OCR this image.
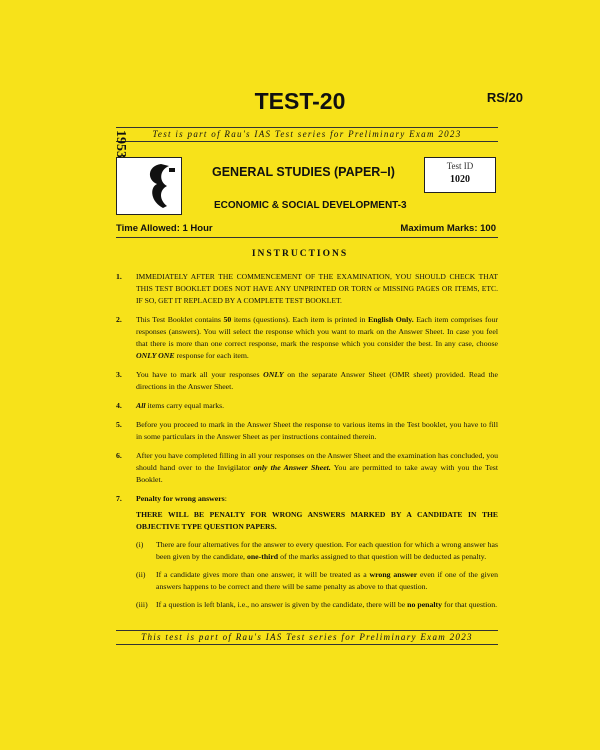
TEST-20	RS/20
Test is part of Rau's IAS Test series for Preliminary Exam 2023
1953
GENERAL STUDIES (PAPER–I)
ECONOMIC & SOCIAL DEVELOPMENT-3
Test ID
1020
Time Allowed: 1 Hour	Maximum Marks: 100
INSTRUCTIONS
1.	IMMEDIATELY AFTER THE COMMENCEMENT OF THE EXAMINATION, YOU SHOULD CHECK THAT THIS TEST BOOKLET DOES NOT HAVE ANY UNPRINTED OR TORN or MISSING PAGES OR ITEMS, ETC. IF SO, GET IT REPLACED BY A COMPLETE TEST BOOKLET.
2.	This Test Booklet contains 50 items (questions). Each item is printed in English Only. Each item comprises four responses (answers). You will select the response which you want to mark on the Answer Sheet. In case you feel that there is more than one correct response, mark the response which you consider the best. In any case, choose ONLY ONE response for each item.
3.	You have to mark all your responses ONLY on the separate Answer Sheet (OMR sheet) provided. Read the directions in the Answer Sheet.
4.	All items carry equal marks.
5.	Before you proceed to mark in the Answer Sheet the response to various items in the Test booklet, you have to fill in some particulars in the Answer Sheet as per instructions contained therein.
6.	After you have completed filling in all your responses on the Answer Sheet and the examination has concluded, you should hand over to the Invigilator only the Answer Sheet. You are permitted to take away with you the Test Booklet.
7.	Penalty for wrong answers:
THERE WILL BE PENALTY FOR WRONG ANSWERS MARKED BY A CANDIDATE IN THE OBJECTIVE TYPE QUESTION PAPERS.
(i)	There are four alternatives for the answer to every question. For each question for which a wrong answer has been given by the candidate, one-third of the marks assigned to that question will be deducted as penalty.
(ii)	If a candidate gives more than one answer, it will be treated as a wrong answer even if one of the given answers happens to be correct and there will be same penalty as above to that question.
(iii)	If a question is left blank, i.e., no answer is given by the candidate, there will be no penalty for that question.
This test is part of Rau's IAS Test series for Preliminary Exam 2023
